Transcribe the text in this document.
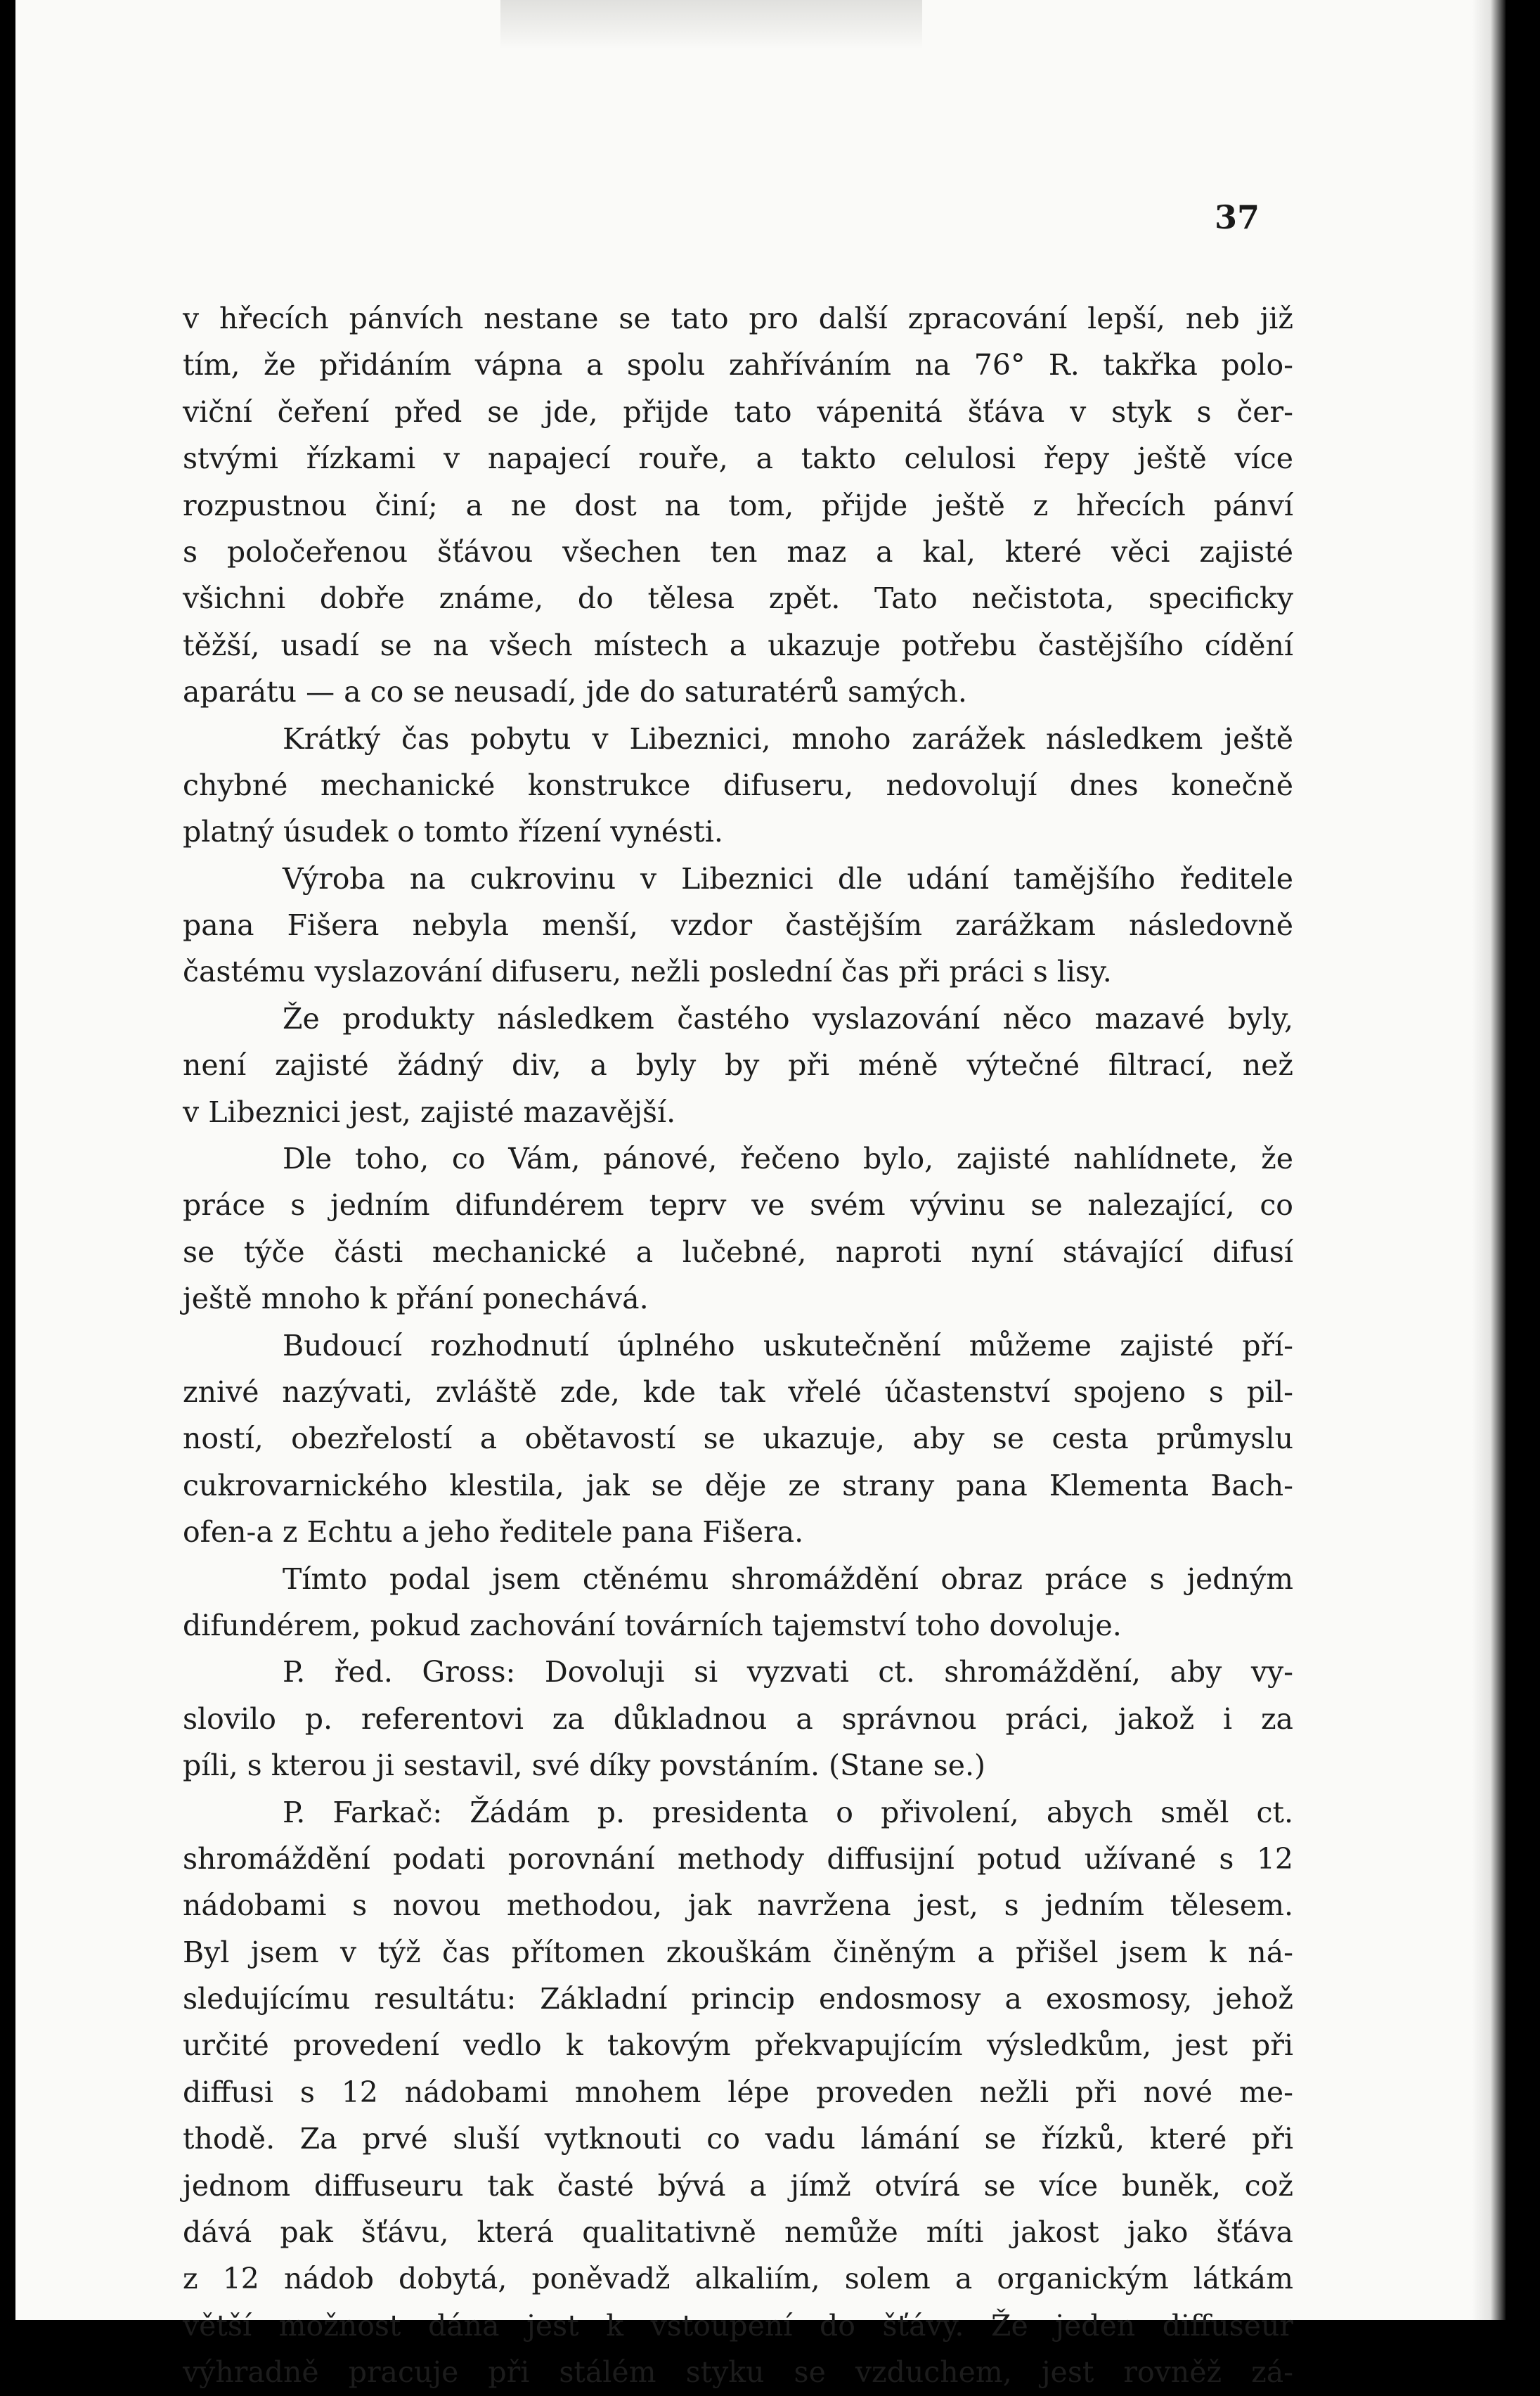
37

v hřecích pánvích nestane se tato pro další zpracování lepší, neb již
tím, že přidáním vápna a spolu zahříváním na 76° R. takřka polo-
viční čeření před se jde, přijde tato vápenitá šťáva v styk s čer-
stvými řízkami v napajecí rouře, a takto celulosi řepy ještě více
rozpustnou činí; a ne dost na tom, přijde ještě z hřecích pánví
s poločeřenou šťávou všechen ten maz a kal, které věci zajisté
všichni dobře známe, do tělesa zpět. Tato nečistota, specificky
těžší, usadí se na všech místech a ukazuje potřebu častějšího cídění
aparátu — a co se neusadí, jde do saturatérů samých.
Krátký čas pobytu v Libeznici, mnoho zarážek následkem ještě
chybné mechanické konstrukce difuseru, nedovolují dnes konečně
platný úsudek o tomto řízení vynésti.
Výroba na cukrovinu v Libeznici dle udání tamějšího ředitele
pana Fišera nebyla menší, vzdor častějším zarážkam následovně
častému vyslazování difuseru, nežli poslední čas při práci s lisy.
Že produkty následkem častého vyslazování něco mazavé byly,
není zajisté žádný div, a byly by při méně výtečné filtrací, než
v Libeznici jest, zajisté mazavější.
Dle toho, co Vám, pánové, řečeno bylo, zajisté nahlídnete, že
práce s jedním difundérem teprv ve svém vývinu se nalezající, co
se týče části mechanické a lučebné, naproti nyní stávající difusí
ještě mnoho k přání ponechává.
Budoucí rozhodnutí úplného uskutečnění můžeme zajisté pří-
znivé nazývati, zvláště zde, kde tak vřelé účastenství spojeno s pil-
ností, obezřelostí a obětavostí se ukazuje, aby se cesta průmyslu
cukrovarnického klestila, jak se děje ze strany pana Klementa Bach-
ofen-a z Echtu a jeho ředitele pana Fišera.
Tímto podal jsem ctěnému shromáždění obraz práce s jedným
difundérem, pokud zachování továrních tajemství toho dovoluje.
P. řed. Gross: Dovoluji si vyzvati ct. shromáždění, aby vy-
slovilo p. referentovi za důkladnou a správnou práci, jakož i za
píli, s kterou ji sestavil, své díky povstáním. (Stane se.)
P. Farkač: Žádám p. presidenta o přivolení, abych směl ct.
shromáždění podati porovnání methody diffusijní potud užívané s 12
nádobami s novou methodou, jak navržena jest, s jedním tělesem.
Byl jsem v týž čas přítomen zkouškám činěným a přišel jsem k ná-
sledujícímu resultátu: Základní princip endosmosy a exosmosy, jehož
určité provedení vedlo k takovým překvapujícím výsledkům, jest při
diffusi s 12 nádobami mnohem lépe proveden nežli při nové me-
thodě. Za prvé sluší vytknouti co vadu lámání se řízků, které při
jednom diffuseuru tak časté bývá a jímž otvírá se více buněk, což
dává pak šťávu, která qualitativně nemůže míti jakost jako šťáva
z 12 nádob dobytá, poněvadž alkaliím, solem a organickým látkám
větší možnost dána jest k vstoupení do šťávy. Že jeden diffuseur
výhradně pracuje při stálém styku se vzduchem, jest rovněž zá-
